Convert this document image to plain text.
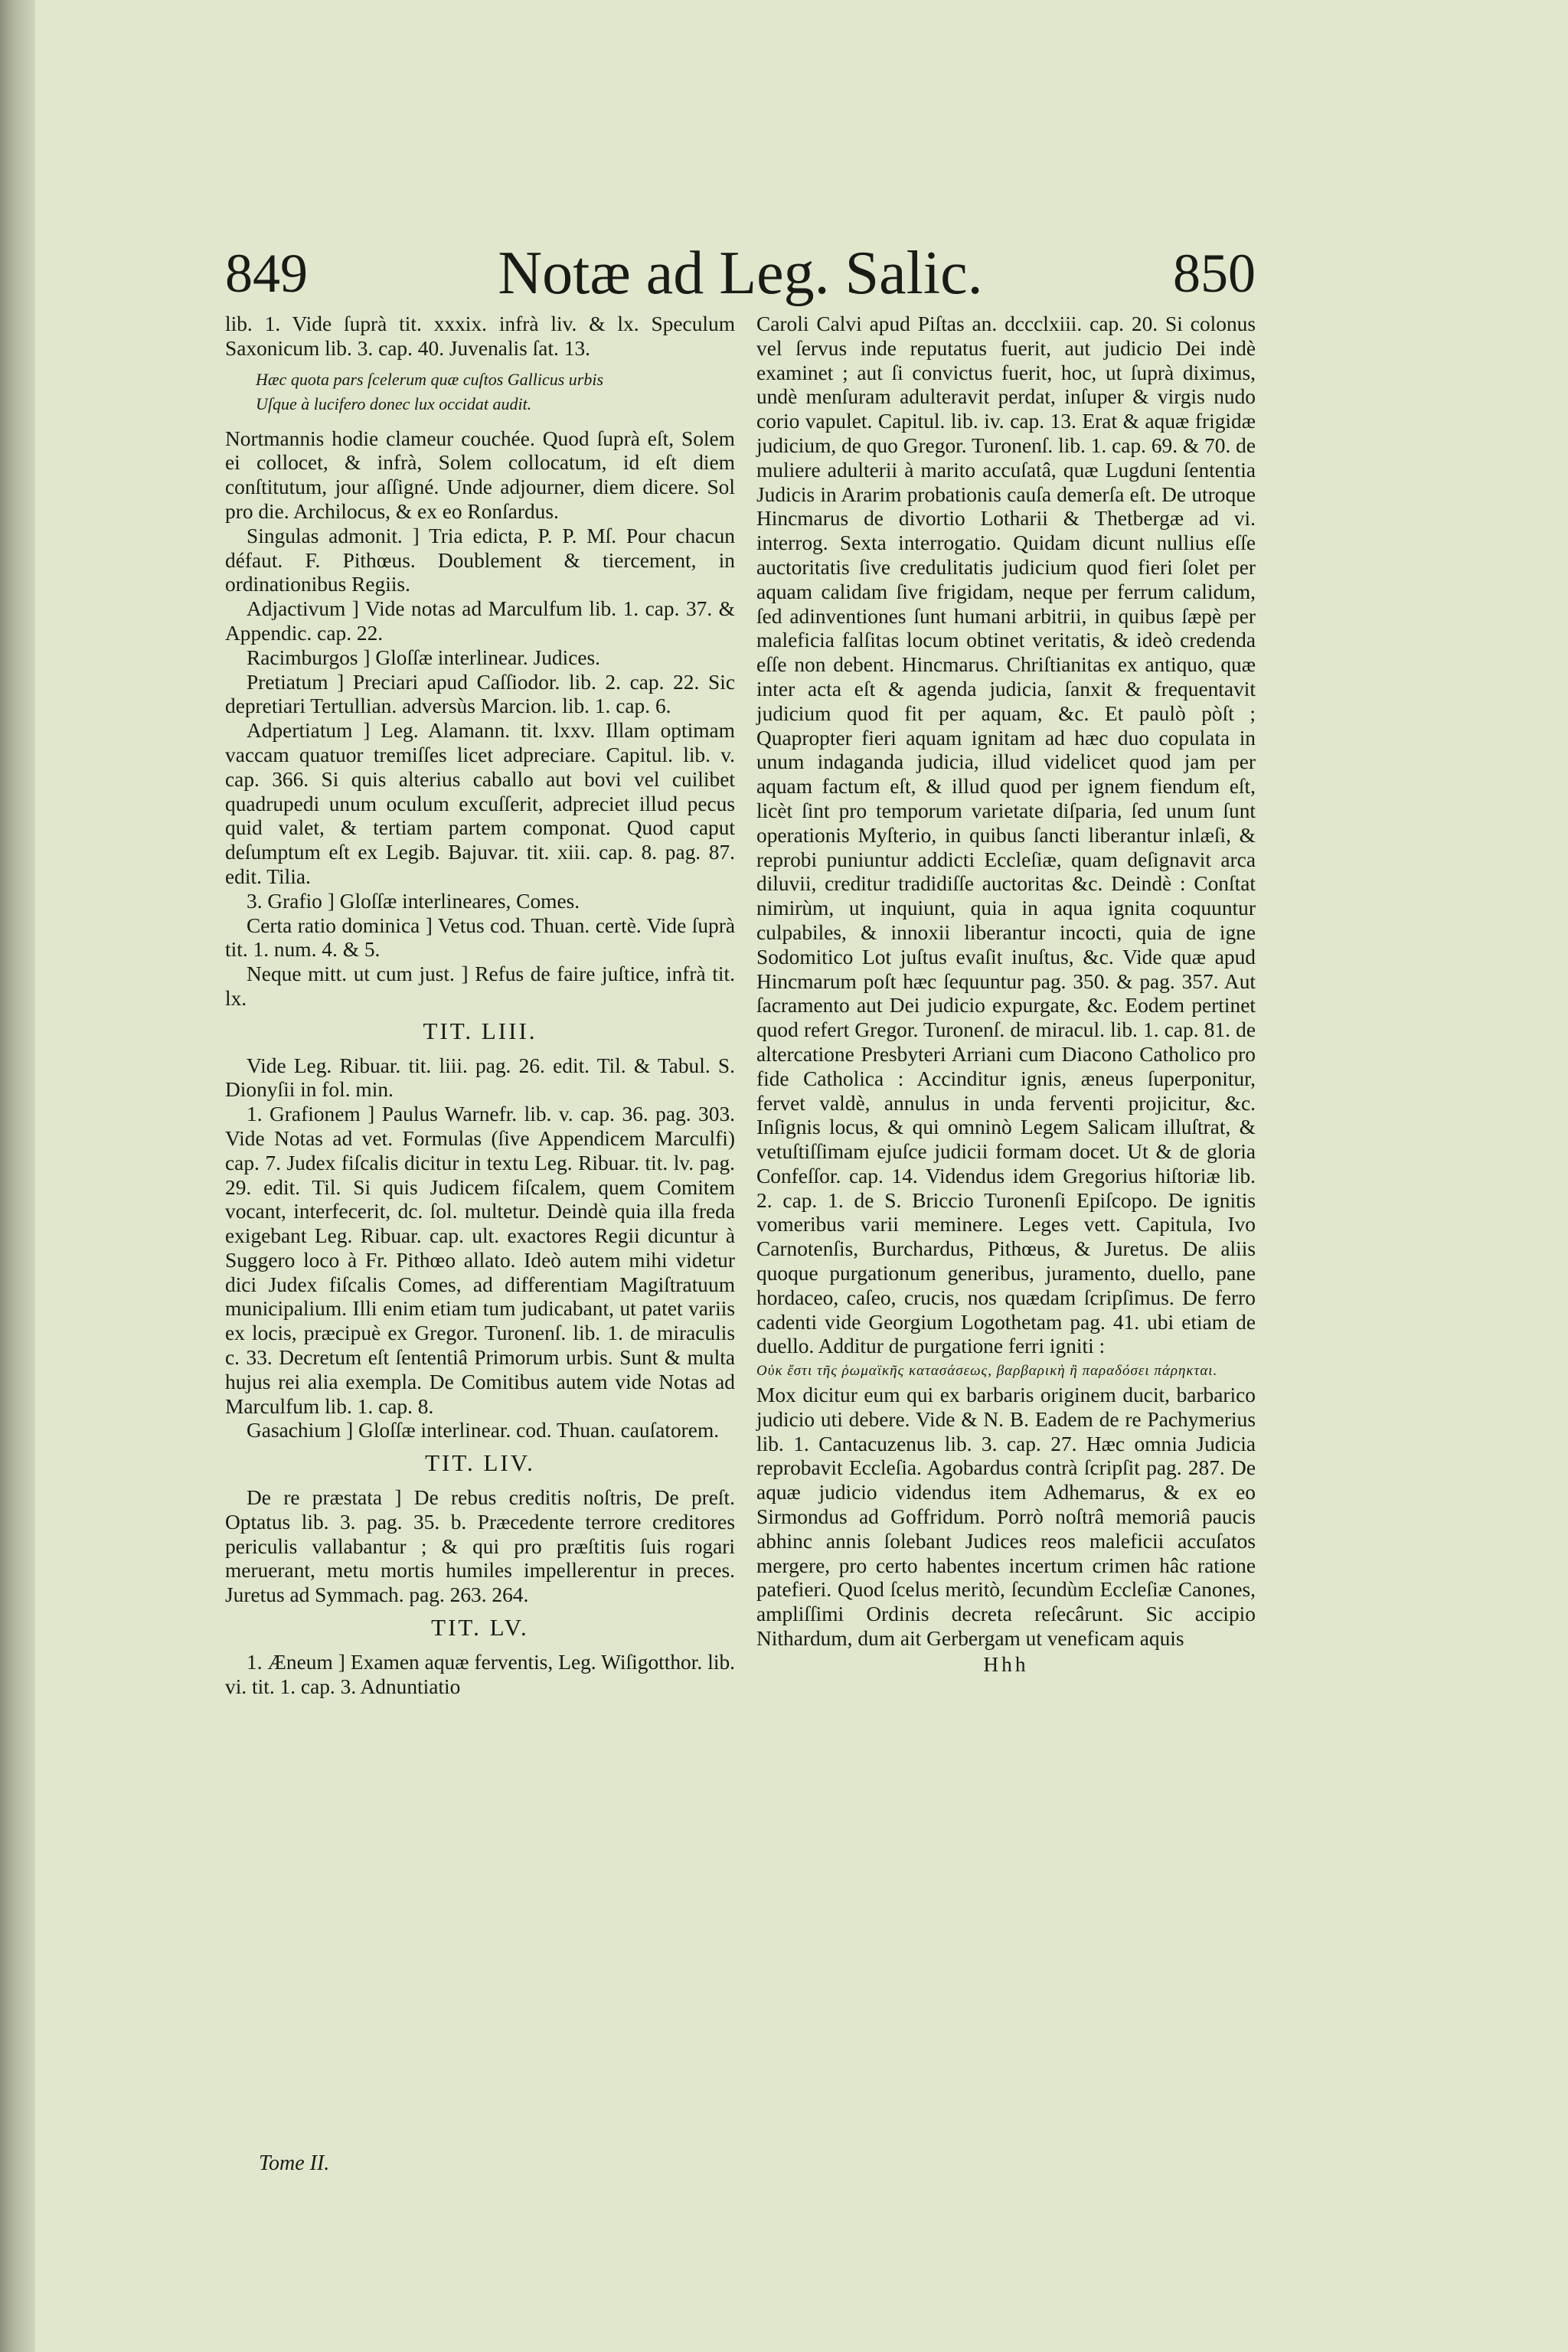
849	Notæ ad Leg. Salic.	850

lib. 1. Vide ſuprà tit. xxxix. infrà liv. & lx. Speculum Saxonicum lib. 3. cap. 40. Juvenalis ſat. 13.

Hæc quota pars ſcelerum quæ cuſtos Gallicus urbis

Uſque à lucifero donec lux occidat audit.

Nortmannis hodie clameur couchée. Quod ſuprà eſt, Solem ei collocet, & infrà, Solem collocatum, id eſt diem conſtitutum, jour aſſigné. Unde adjourner, diem dicere. Sol pro die. Archilocus, & ex eo Ronſardus.

Singulas admonit. ] Tria edicta, P. P. Mſ. Pour chacun défaut. F. Pithœus. Doublement & tiercement, in ordinationibus Regiis.

Adjactivum ] Vide notas ad Marculfum lib. 1. cap. 37. & Appendic. cap. 22.

Racimburgos ] Gloſſæ interlinear. Judices.

Pretiatum ] Preciari apud Caſſiodor. lib. 2. cap. 22. Sic depretiari Tertullian. adversùs Marcion. lib. 1. cap. 6.

Adpertiatum ] Leg. Alamann. tit. lxxv. Illam optimam vaccam quatuor tremiſſes licet adpreciare. Capitul. lib. v. cap. 366. Si quis alterius caballo aut bovi vel cuilibet quadrupedi unum oculum excuſſerit, adpreciet illud pecus quid valet, & tertiam partem componat. Quod caput deſumptum eſt ex Legib. Bajuvar. tit. xiii. cap. 8. pag. 87. edit. Tilia.

3. Grafio ] Gloſſæ interlineares, Comes.

Certa ratio dominica ] Vetus cod. Thuan. certè. Vide ſuprà tit. 1. num. 4. & 5.

Neque mitt. ut cum just. ] Refus de faire juſtice, infrà tit. lx.

TIT. LIII.

Vide Leg. Ribuar. tit. liii. pag. 26. edit. Til. & Tabul. S. Dionyſii in fol. min.

1. Grafionem ] Paulus Warnefr. lib. v. cap. 36. pag. 303. Vide Notas ad vet. Formulas (ſive Appendicem Marculfi) cap. 7. Judex fiſcalis dicitur in textu Leg. Ribuar. tit. lv. pag. 29. edit. Til. Si quis Judicem fiſcalem, quem Comitem vocant, interfecerit, dc. ſol. multetur. Deindè quia illa freda exigebant Leg. Ribuar. cap. ult. exactores Regii dicuntur à Suggero loco à Fr. Pithœo allato. Ideò autem mihi videtur dici Judex fiſcalis Comes, ad differentiam Magiſtratuum municipalium. Illi enim etiam tum judicabant, ut patet variis ex locis, præcipuè ex Gregor. Turonenſ. lib. 1. de miraculis c. 33. Decretum eſt ſententiâ Primorum urbis. Sunt & multa hujus rei alia exempla. De Comitibus autem vide Notas ad Marculfum lib. 1. cap. 8.

Gasachium ] Gloſſæ interlinear. cod. Thuan. cauſatorem.

TIT. LIV.

De re præstata ] De rebus creditis noſtris, De preſt. Optatus lib. 3. pag. 35. b. Præcedente terrore creditores periculis vallabantur ; & qui pro præſtitis ſuis rogari meruerant, metu mortis humiles impellerentur in preces. Juretus ad Symmach. pag. 263. 264.

TIT. LV.

1. Æneum ] Examen aquæ ferventis, Leg. Wiſigotthor. lib. vi. tit. 1. cap. 3. Adnuntiatio

Caroli Calvi apud Piſtas an. dccclxiii. cap. 20. Si colonus vel ſervus inde reputatus fuerit, aut judicio Dei indè examinet ; aut ſi convictus fuerit, hoc, ut ſuprà diximus, undè menſuram adulteravit perdat, inſuper & virgis nudo corio vapulet. Capitul. lib. iv. cap. 13. Erat & aquæ frigidæ judicium, de quo Gregor. Turonenſ. lib. 1. cap. 69. & 70. de muliere adulterii à marito accuſatâ, quæ Lugduni ſententia Judicis in Ararim probationis cauſa demerſa eſt. De utroque Hincmarus de divortio Lotharii & Thetbergæ ad vi. interrog. Sexta interrogatio. Quidam dicunt nullius eſſe auctoritatis ſive credulitatis judicium quod fieri ſolet per aquam calidam ſive frigidam, neque per ferrum calidum, ſed adinventiones ſunt humani arbitrii, in quibus ſæpè per maleficia falſitas locum obtinet veritatis, & ideò credenda eſſe non debent. Hincmarus. Chriſtianitas ex antiquo, quæ inter acta eſt & agenda judicia, ſanxit & frequentavit judicium quod fit per aquam, &c. Et paulò pòſt ; Quapropter fieri aquam ignitam ad hæc duo copulata in unum indaganda judicia, illud videlicet quod jam per aquam factum eſt, & illud quod per ignem fiendum eſt, licèt ſint pro temporum varietate diſparia, ſed unum ſunt operationis Myſterio, in quibus ſancti liberantur inlæſi, & reprobi puniuntur addicti Eccleſiæ, quam deſignavit arca diluvii, creditur tradidiſſe auctoritas &c. Deindè : Conſtat nimirùm, ut inquiunt, quia in aqua ignita coquuntur culpabiles, & innoxii liberantur incocti, quia de igne Sodomitico Lot juſtus evaſit inuſtus, &c. Vide quæ apud Hincmarum poſt hæc ſequuntur pag. 350. & pag. 357. Aut ſacramento aut Dei judicio expurgate, &c. Eodem pertinet quod refert Gregor. Turonenſ. de miracul. lib. 1. cap. 81. de altercatione Presbyteri Arriani cum Diacono Catholico pro fide Catholica : Accinditur ignis, æneus ſuperponitur, fervet valdè, annulus in unda ferventi projicitur, &c. Inſignis locus, & qui omninò Legem Salicam illuſtrat, & vetuſtiſſimam ejuſce judicii formam docet. Ut & de gloria Confeſſor. cap. 14. Videndus idem Gregorius hiſtoriæ lib. 2. cap. 1. de S. Briccio Turonenſi Epiſcopo. De ignitis vomeribus varii meminere. Leges vett. Capitula, Ivo Carnotenſis, Burchardus, Pithœus, & Juretus. De aliis quoque purgationum generibus, juramento, duello, pane hordaceo, caſeo, crucis, nos quædam ſcripſimus. De ferro cadenti vide Georgium Logothetam pag. 41. ubi etiam de duello. Additur de purgatione ferri igniti :

Οὐκ ἔστι τῆς ῥωμαϊκῆς κατασάσεως, βαρβαρικὴ ἢ παραδόσει πάρηκται.

Mox dicitur eum qui ex barbaris originem ducit, barbarico judicio uti debere. Vide & N. B. Eadem de re Pachymerius lib. 1. Cantacuzenus lib. 3. cap. 27. Hæc omnia Judicia reprobavit Eccleſia. Agobardus contrà ſcripſit pag. 287. De aquæ judicio videndus item Adhemarus, & ex eo Sirmondus ad Goffridum. Porrò noſtrâ memoriâ paucis abhinc annis ſolebant Judices reos maleficii accuſatos mergere, pro certo habentes incertum crimen hâc ratione patefieri. Quod ſcelus meritò, ſecundùm Eccleſiæ Canones, ampliſſimi Ordinis decreta reſecârunt. Sic accipio Nithardum, dum ait Gerbergam ut veneficam aquis

Hhh

Tome II.
